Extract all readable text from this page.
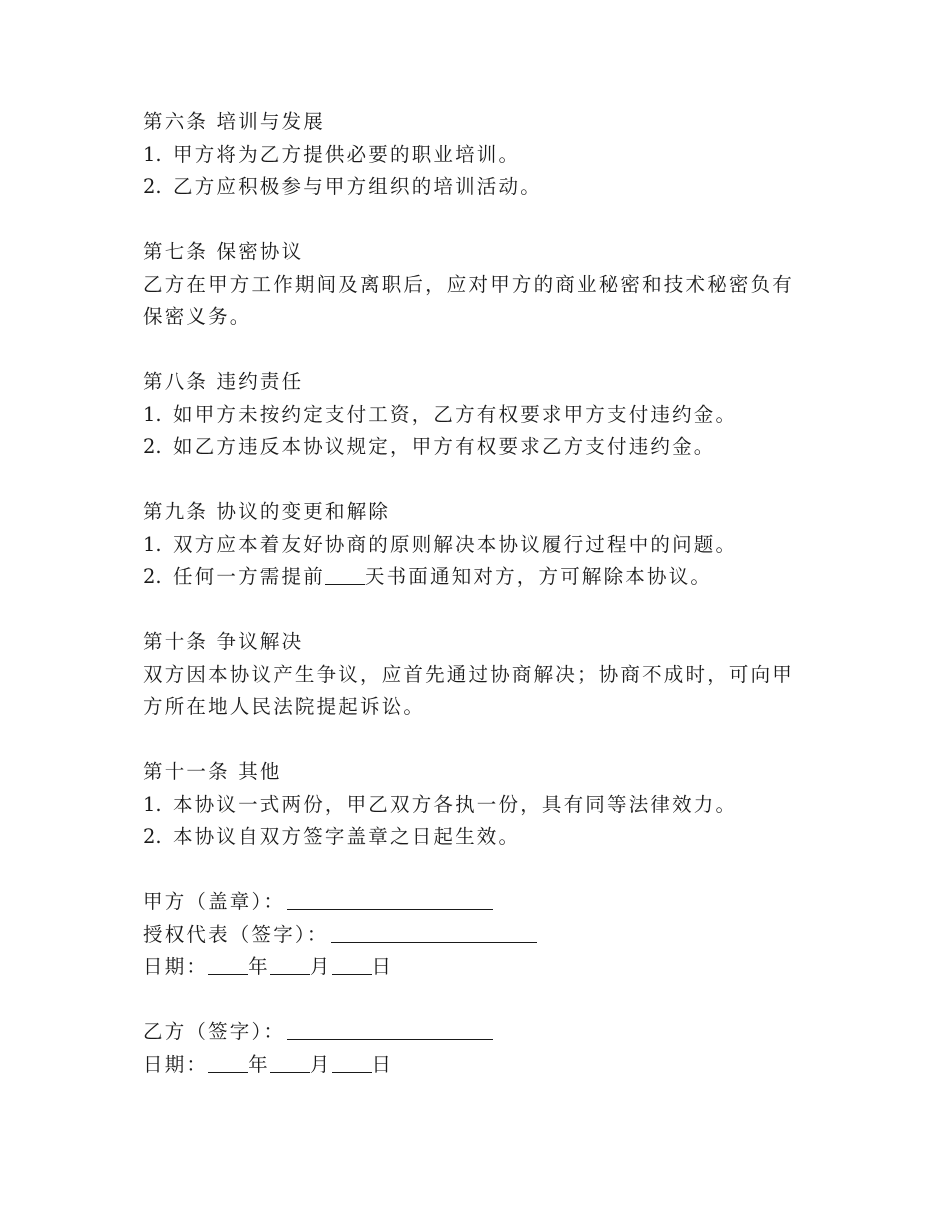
第六条 培训与发展
1. 甲方将为乙方提供必要的职业培训。
2. 乙方应积极参与甲方组织的培训活动。
第七条 保密协议
乙方在甲方工作期间及离职后，应对甲方的商业秘密和技术秘密负有
保密义务。
第八条 违约责任
1. 如甲方未按约定支付工资，乙方有权要求甲方支付违约金。
2. 如乙方违反本协议规定，甲方有权要求乙方支付违约金。
第九条 协议的变更和解除
1. 双方应本着友好协商的原则解决本协议履行过程中的问题。
2. 任何一方需提前 天书面通知对方，方可解除本协议。
第十条 争议解决
双方因本协议产生争议，应首先通过协商解决；协商不成时，可向甲
方所在地人民法院提起诉讼。
第十一条 其他
1. 本协议一式两份，甲乙双方各执一份，具有同等法律效力。
2. 本协议自双方签字盖章之日起生效。
甲方（盖章）：
授权代表（签字）：
日期： 年 月 日
乙方（签字）：
日期： 年 月 日
